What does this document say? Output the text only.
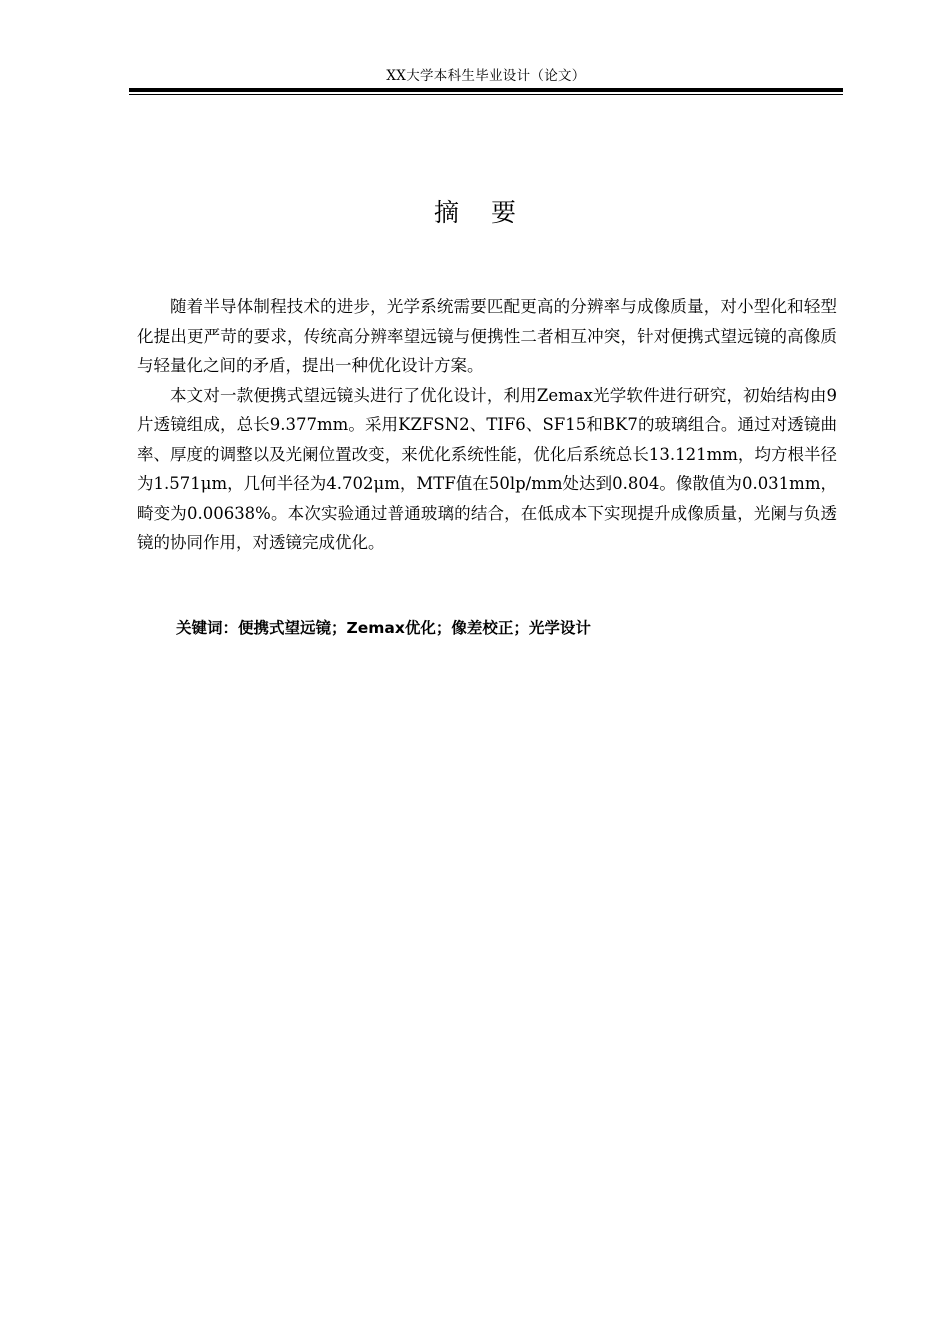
XX大学本科生毕业设计（论文）
摘 要

随着半导体制程技术的进步，光学系统需要匹配更高的分辨率与成像质量，对小型化和轻型化提出更严苛的要求，传统高分辨率望远镜与便携性二者相互冲突，针对便携式望远镜的高像质与轻量化之间的矛盾，提出一种优化设计方案。

本文对一款便携式望远镜头进行了优化设计，利用Zemax光学软件进行研究，初始结构由9片透镜组成，总长9.377mm。采用KZFSN2、TIF6、SF15和BK7的玻璃组合。通过对透镜曲率、厚度的调整以及光阑位置改变，来优化系统性能，优化后系统总长13.121mm，均方根半径为1.571μm，几何半径为4.702μm，MTF值在50lp/mm处达到0.804。像散值为0.031mm，畸变为0.00638%。本次实验通过普通玻璃的结合，在低成本下实现提升成像质量，光阑与负透镜的协同作用，对透镜完成优化。

关键词：便携式望远镜；Zemax优化；像差校正；光学设计
